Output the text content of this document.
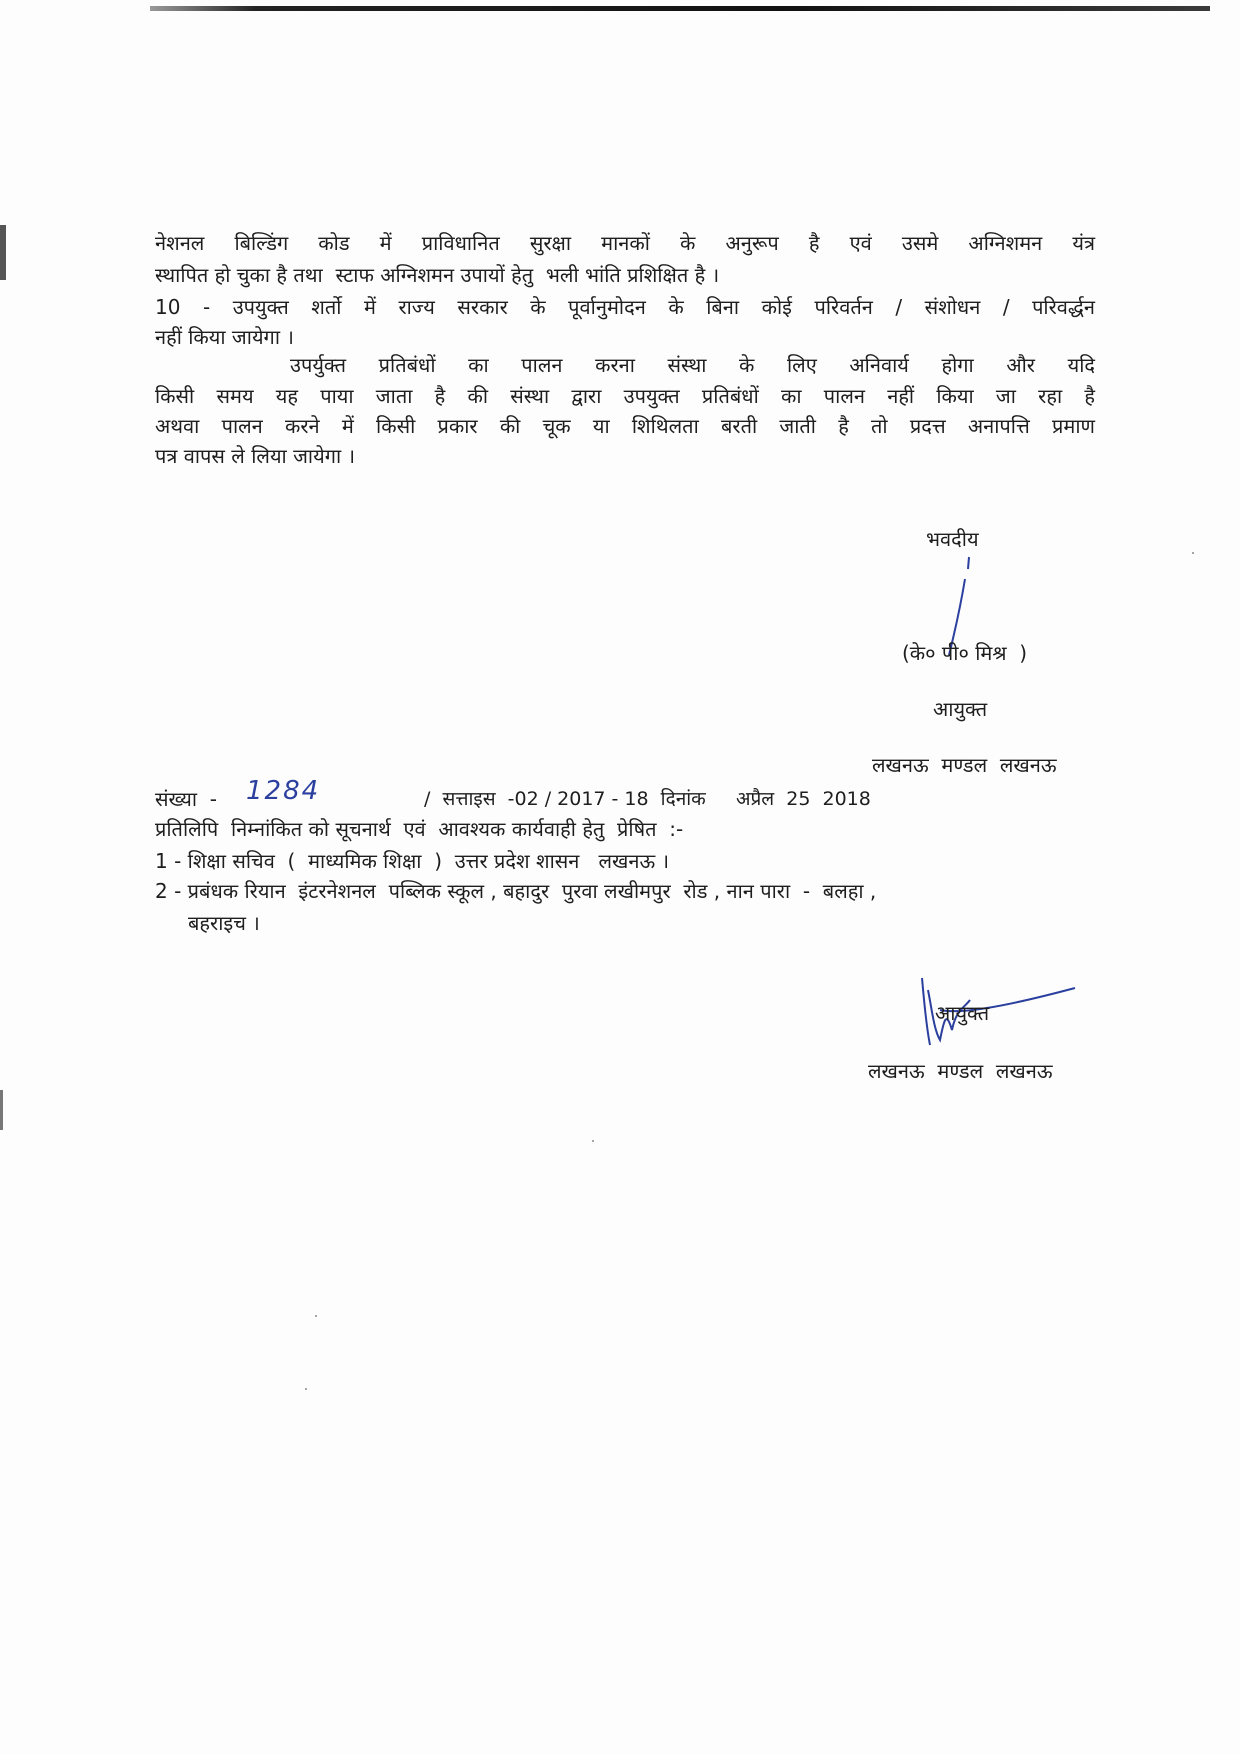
नेशनल बिल्डिंग कोड में प्राविधानित सुरक्षा मानकों के अनुरूप है एवं उसमे अग्निशमन यंत्र
स्थापित हो चुका है तथा  स्टाफ अग्निशमन उपायों हेतु  भली भांति प्रशिक्षित है ।
10 - उपयुक्त शर्तो में राज्य सरकार के पूर्वानुमोदन के बिना कोई परिवर्तन / संशोधन / परिवर्द्धन
नहीं किया जायेगा ।
उपर्युक्त प्रतिबंधों का पालन करना संस्था के लिए अनिवार्य होगा और यदि
किसी समय यह पाया जाता है की संस्था द्वारा उपयुक्त प्रतिबंधों का पालन नहीं किया जा रहा है
अथवा पालन करने में किसी प्रकार की चूक या शिथिलता बरती जाती है तो प्रदत्त अनापत्ति प्रमाण
पत्र वापस ले लिया जायेगा ।
भवदीय
(के० पी० मिश्र  )
आयुक्त
लखनऊ  मण्डल  लखनऊ
संख्या  - 1284	/  सत्ताइस  -02 / 2017 - 18  दिनांक     अप्रैल  25  2018
प्रतिलिपि  निम्नांकित को सूचनार्थ  एवं  आवश्यक कार्यवाही हेतु  प्रेषित  :-
1 - शिक्षा सचिव  (  माध्यमिक शिक्षा  )  उत्तर प्रदेश शासन   लखनऊ ।
2 - प्रबंधक रियान  इंटरनेशनल  पब्लिक स्कूल , बहादुर  पुरवा लखीमपुर  रोड , नान पारा  -  बलहा ,
बहराइच ।
आयुक्त
लखनऊ  मण्डल  लखनऊ
